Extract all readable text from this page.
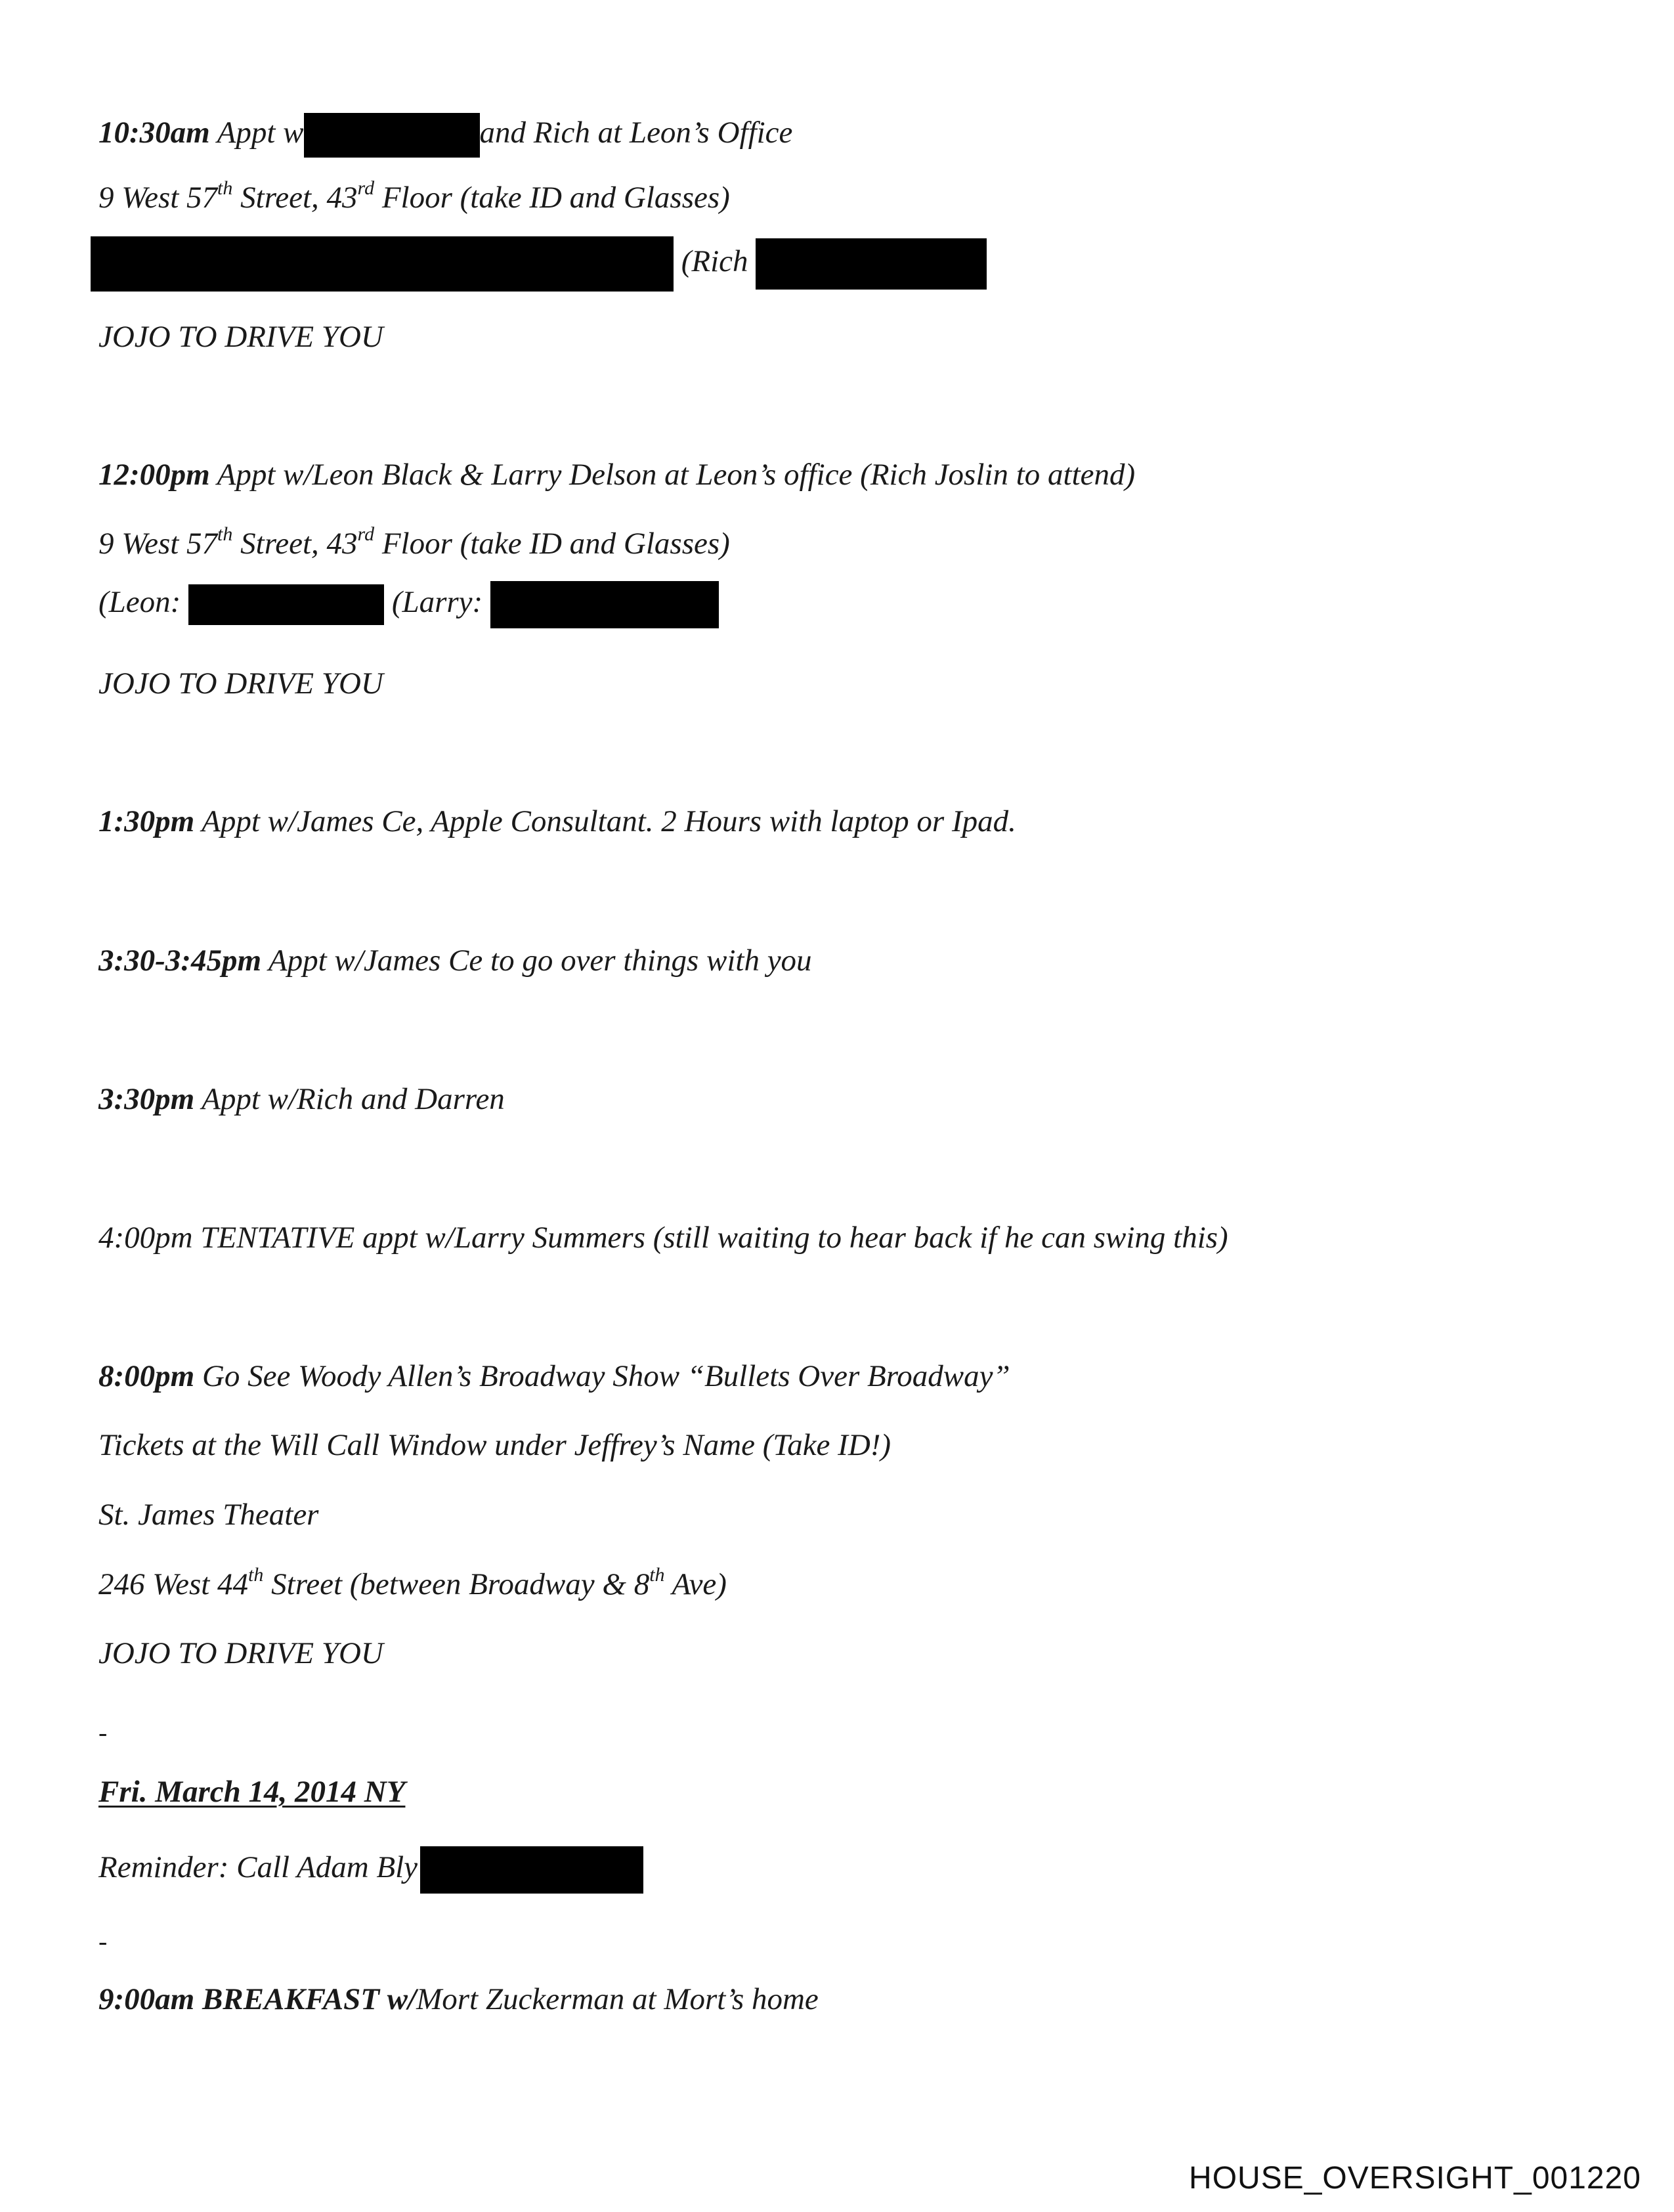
10:30am Appt w	and Rich at Leon’s Office
9 West 57th Street, 43rd Floor (take ID and Glasses)
(Rich
JOJO TO DRIVE YOU
12:00pm Appt w/Leon Black & Larry Delson at Leon’s office (Rich Joslin to attend)
9 West 57th Street, 43rd Floor (take ID and Glasses)
(Leon:	(Larry:
JOJO TO DRIVE YOU
1:30pm Appt w/James Ce, Apple Consultant. 2 Hours with laptop or Ipad.
3:30-3:45pm Appt w/James Ce to go over things with you
3:30pm Appt w/Rich and Darren
4:00pm TENTATIVE appt w/Larry Summers (still waiting to hear back if he can swing this)
8:00pm Go See Woody Allen’s Broadway Show “Bullets Over Broadway”
Tickets at the Will Call Window under Jeffrey’s Name (Take ID!)
St. James Theater
246 West 44th Street (between Broadway & 8th Ave)
JOJO TO DRIVE YOU
-
Fri. March 14, 2014 NY
Reminder: Call Adam Bly
-
9:00am BREAKFAST w/Mort Zuckerman at Mort’s home
HOUSE_OVERSIGHT_001220
